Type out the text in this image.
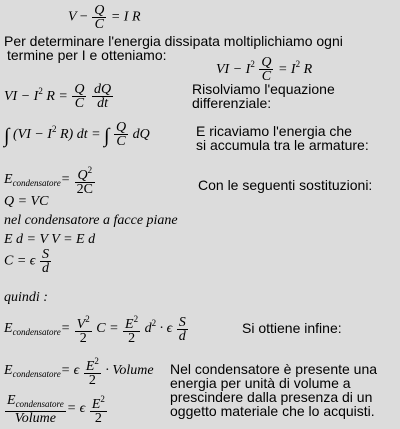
$V - \frac{Q}{C} = I$ R
Per determinare l'energia dissipata moltiplichiamo ogni
termine per I e otteniamo:
VI − $I^2 \frac{Q}{C} = I^2$ R
VI − $I^2$ $R = \frac{Q}{C}$
$\frac{dQ}{dt}$	Risolviamo l'equazione
differenziale:
∫ ($VI - I^2$ R) dt = ∫ $\frac{Q}{C}$ dQ	E ricaviamo l'energia che
si accumula tra le armature:
$E_{condensatore}= \frac{Q^2}{2C}$	Con le seguenti sostituzioni:
Q = VC
nel condensatore a facce piane
E d = V V = E d
C = ϵ $\frac{S}{d}$
quindi :
$E_{condensatore}= \frac{V^2}{2}$ $C = \frac{E^2}{2} d^2 \cdot \epsilon \frac{S}{d}$	Si ottiene infine:
$E_{condensatore}= \epsilon \frac{E^2}{2}$ · Volume Nel condensatore è presente una
energia per unità di volume a
prescindere dalla presenza di un
oggetto materiale che lo acquisti.
$\frac{E_{condensatore}}{\text{Volume}} = \epsilon \frac{E^2}{2}$
